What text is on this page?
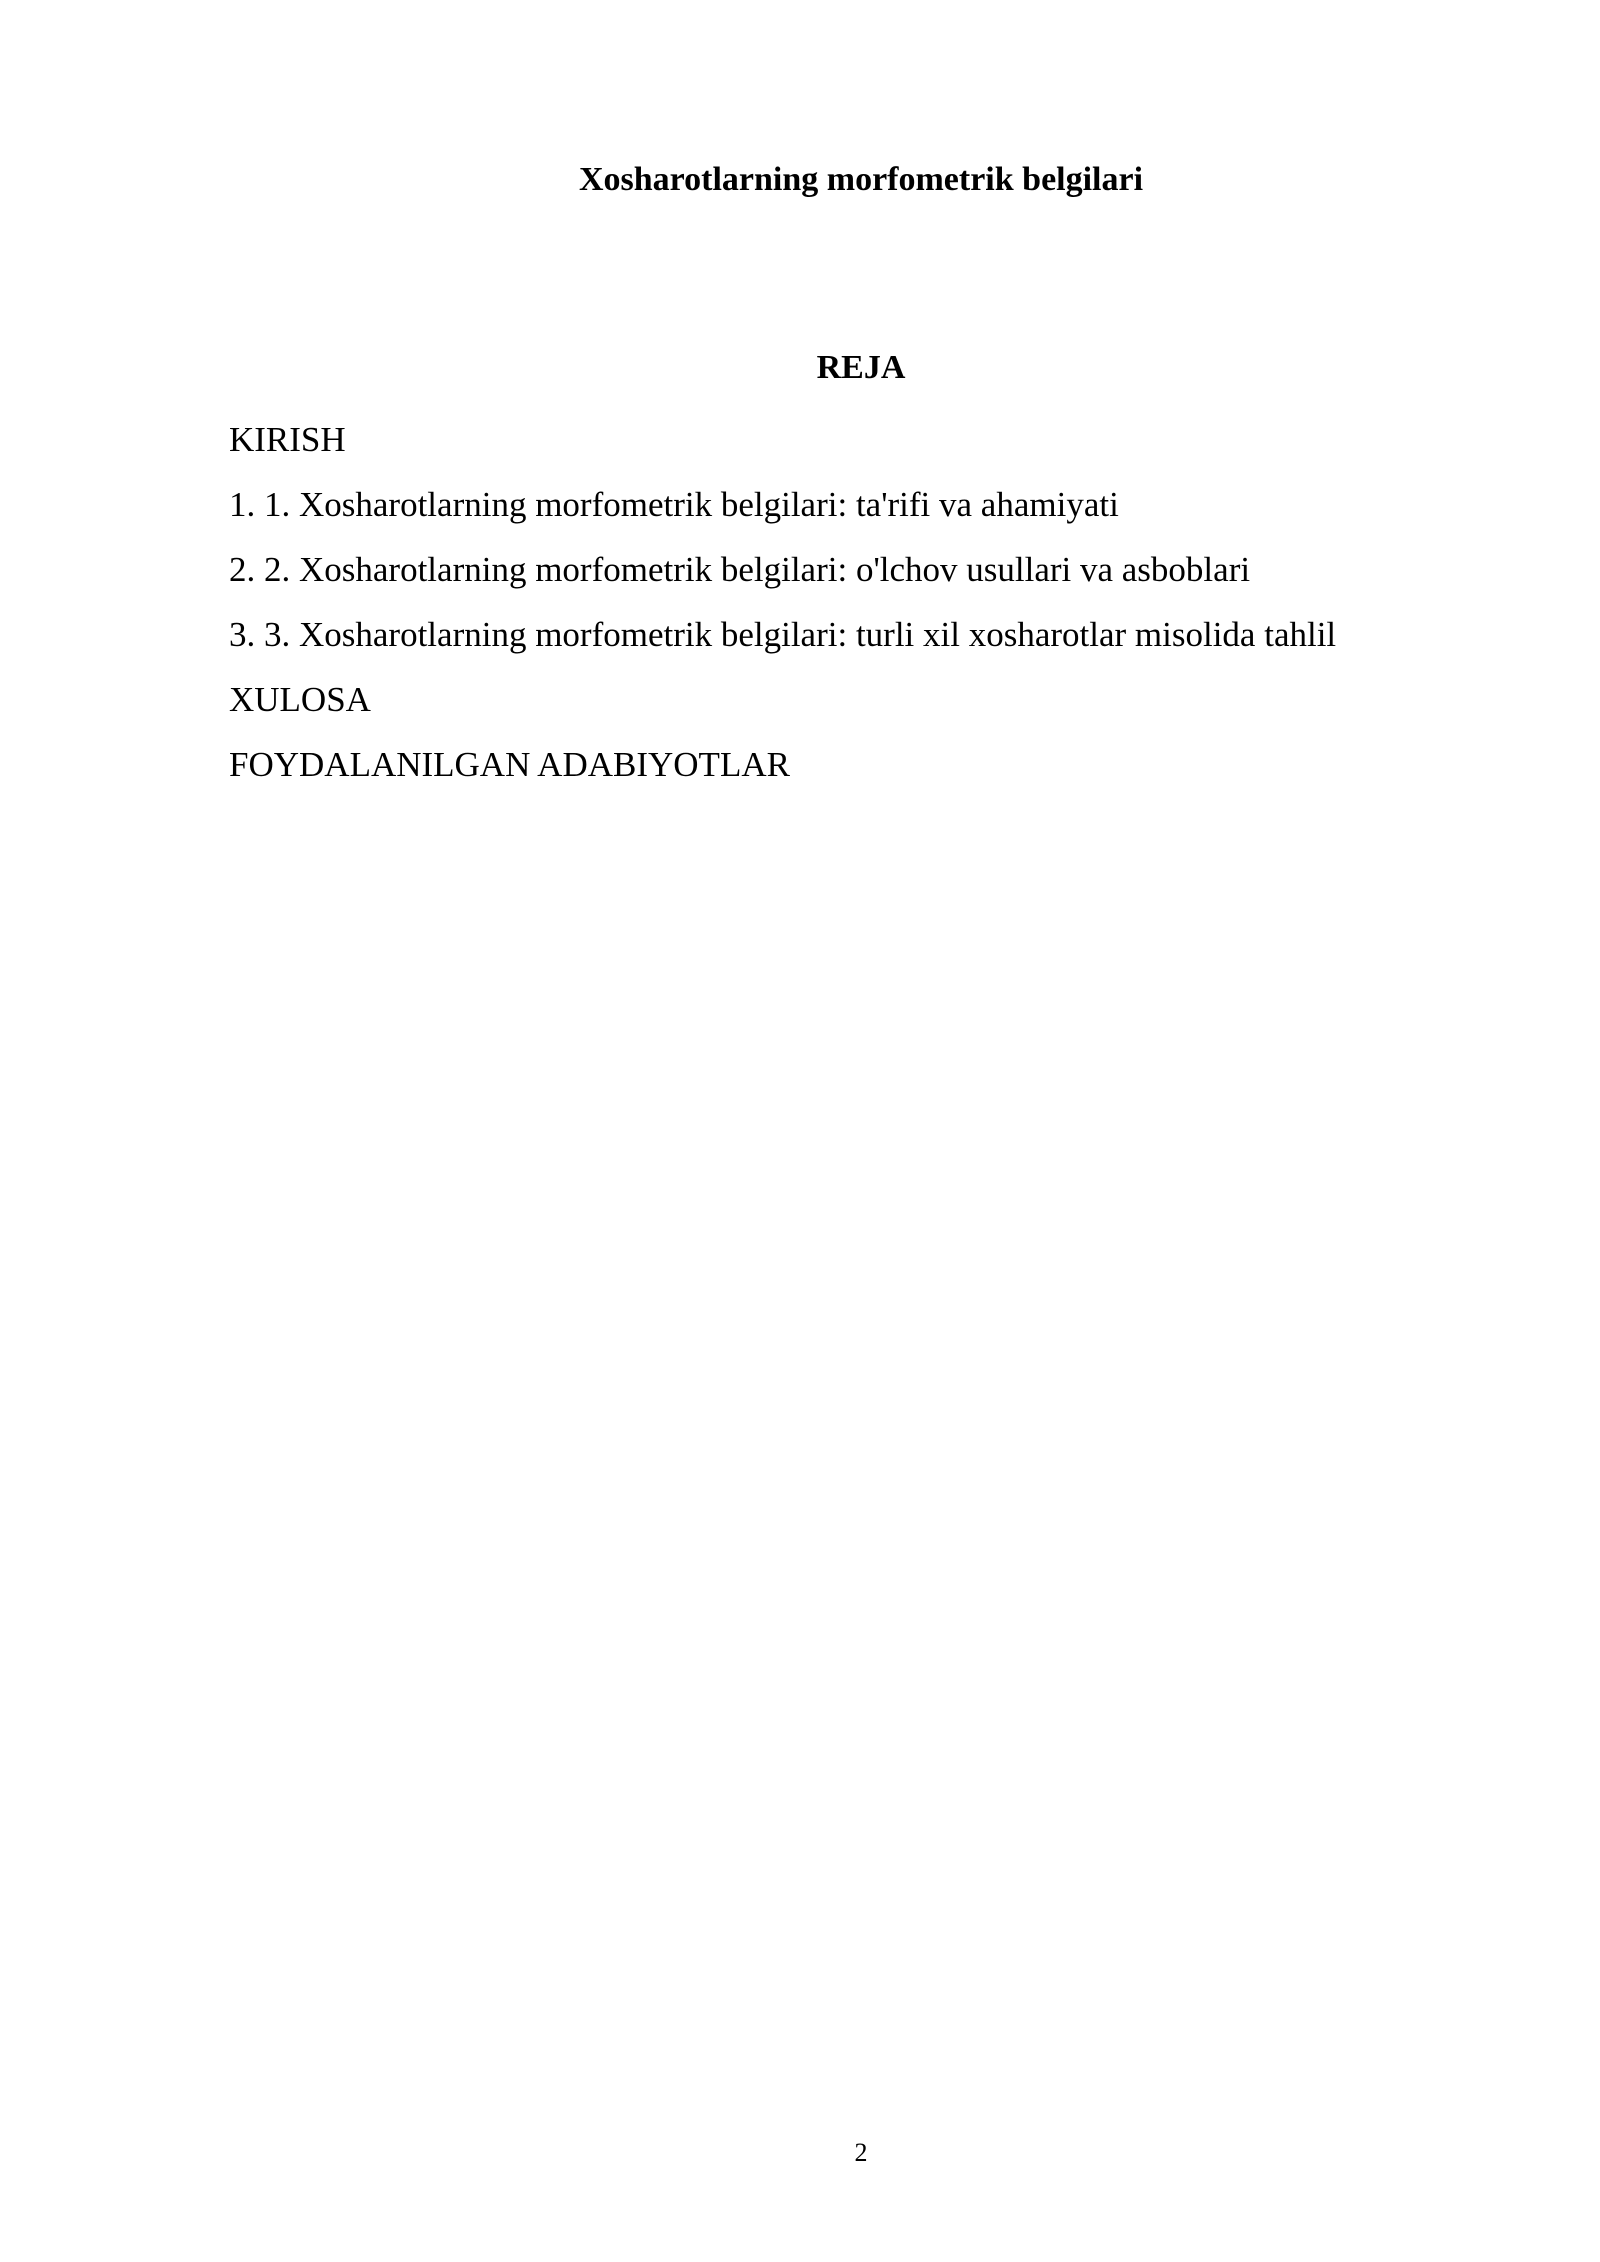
Xosharotlarning morfometrik belgilari
REJA
KIRISH
1. 1. Xosharotlarning morfometrik belgilari: ta'rifi va ahamiyati
2. 2. Xosharotlarning morfometrik belgilari: o'lchov usullari va asboblari
3. 3. Xosharotlarning morfometrik belgilari: turli xil xosharotlar misolida tahlil
XULOSA
FOYDALANILGAN ADABIYOTLAR
2
